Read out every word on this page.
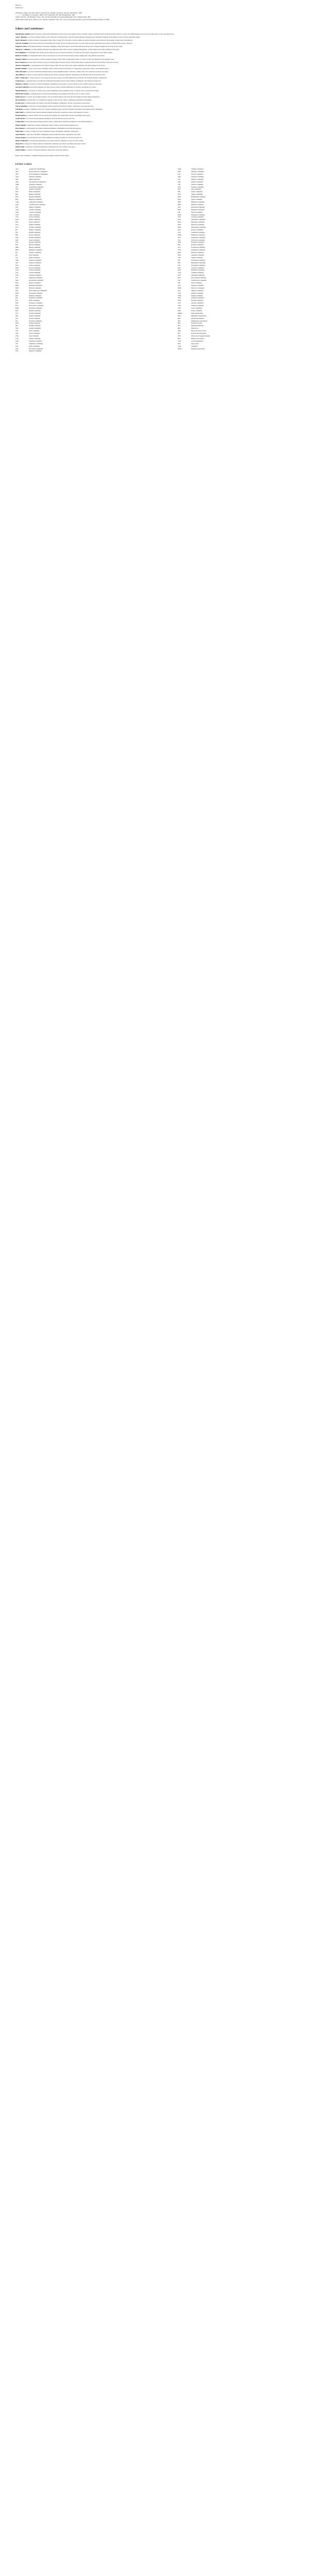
Page 517
References
Whittington, Arthur. Ohio Nine, History of That Great, Unhappy Community. Chicago: Merrill Press, 1980.
————. The History of Clevelansa, 1866 to 1927. Ashbourne, NS: Ohio Heritage Press, 1961.
Ziebler, David K., and Elizabeth J. Bone. Ohio. The Encyclopedia of Clevelansa Biographies. NS: Commonwealth, 1993.
Zhuser, Ruth, and H. Rosse. Ethnics on the "Northern Tentative" Lake. 1971. www.css.org/cpg/state/ethnics_state-fold.cfm (rendered January 20, 2003).
Editors and Contributors

Ellen Hatcher Ashman chairs the advisory council and the Manchester Art Association, has taught art history and ethnic studies at Ashbourne State University and has worked as a curator and exhibit designer across the Great Lakes region for more than thirty years.

Anne C. Beaulieu is a doctoral candidate in history at the University of Northern Ohio, where she studies immigrant settlement and community institutions in the lakeshore towns of the late nineteenth century.

Paul G. Brennan is professor emeritus of geography at Ohio Valley College. He is the author of several studies on regional settlement and the historical development of small cities in the Midwest.

Clara M. Castellano is an archivist with the Clevelansa Historical Society and has catalogued the papers of several ethnic fraternal organizations and parish records held in the society's collection.

Douglas R. Chen teaches American history at Lakeside Community College. His research concerns labor history and the growth of industrial neighborhoods along the river valley.

Margaret L. Cullinane is a former reference librarian at the Ashbourne Public Library and has compiled bibliographies on Irish, Welsh, and Scottish settlement in the region.

Ernst Dahlgren is a retired high school teacher and local historian who has written extensively on Swedish and Norwegian congregations in the northern counties.

Helena D. Dvořák is an independent scholar whose work focuses on Czech and Slovak fraternal societies, singing clubs, and gymnastic associations.

Samuel T. Ellison is associate professor of African American studies at Ohio Valley College and the author of a history of the Great Migration in the lakeshore cities.

Rosa I. Esparza directs the Latino oral history project at Northern Ohio University and has collected more than two hundred interviews with residents of the near west side.

Thomas F. Fitzgerald is a parish historian and former newspaper editor who has written about Catholic institutions and ethnic parishes in the diocese.

Hannah Goldfarb is curator of the Jewish community archives and has written on the history of congregations, benevolent societies, and settlement houses.

Viktor Hrycenko is a scholar of Ukrainian and Rusyn history and has published studies of churches, reading rooms, and cooperative societies in the region.

Aiko Ishikawa is professor of Asian American studies and has written on Japanese American resettlement in the Midwest after the Second World War.

Peter J. Jankowski is a retired professor of sociology whose research centers on Polish neighborhoods, parish life, and fraternal insurance organizations.

Lydia Kovacs is a museum educator and historian of Hungarian settlement and has curated exhibits on immigrant craft traditions and folk arts.

Michael A. Laurent is a historian of French and Belgian communities and the author of several articles on early Catholic missions in the region.

Giovanna Lombardi teaches Italian language and culture and has written on Italian neighborhoods, festivals, and mutual aid societies.

Nikolai Markovic is a researcher of Serbian and Croatian communities and has published works on churches, halls, and benevolent lodges.

Deirdre McCormack is a genealogist and local historian specializing in Irish emigration and the records of county societies.

Fatima Nassar is a scholar of Arab American history who has studied Lebanese and Syrian merchant families and their religious institutions.

Ola Nordstrom is a former editor of a Scandinavian-language weekly and has written on immigrant journalism and publishing.

Kwame Osei is an anthropologist who studies recent African immigrant communities, churches, and hometown associations.

Stavros Papadakis is a historian of Greek settlement and has written about Orthodox parishes, coffeehouses, and restaurant trades.

Linh Pham coordinates community outreach at a refugee resettlement agency and has documented Vietnamese and Southeast Asian communities.

Ingrid Quist is a folklorist whose research addresses Finnish and Estonian cooperatives, saunas, and temperance societies.

Dorothy Ramsey is a retired archivist who has written about English and Cornish miners and their descendants in the region.

Jan Rostowski is an art historian specializing in immigrant church architecture and decorative arts.

Carmen Ruiz teaches Latin American history and has written on Puerto Rican and Mexican migration to the industrial Midwest.

Walter Schmidt is a historian of German communities, Turner societies, and the German-language press.

Priya Sharma is a demographer who studies South Asian immigrant communities and professional migration.

Yusuf Tahir is a scholar of religion who has documented mosques and Muslim community organizations.

Anna Ulmanis is a historian of the Baltic communities and their displaced persons' organizations after 1945.

George Vasquez is an urban historian who studies neighborhood change and ethnic succession in the inner city.

Rebecca Whitcomb is a librarian and bibliographer who assisted with the compilation of sources for this volume.

Zhang Wei is a historian of Chinese American communities, Chinatown associations, and family benevolent societies.

Miriam Yoder is a historian of Amish and Mennonite settlements in the rural counties of the region.

Stefan Zelenko is a scholar of Slovenian settlement, cultural halls, and choral traditions.

Editors and Contributors, continued from the previous edition, revised for this volume.
ENTRY CODES
ACA	Acadian and Cajun Heritage
AFA	African American Communities
AFR	African Immigrant Communities
ALB	Albanian Community
AMI	Amish Settlements
ARA	Arab American Communities
ARM	Armenian Community
ASI	Asian Indian Community
AUS	Austrian Community
BAL	Baltic Communities
BEL	Belgian Community
BOS	Bosnian Community
BUL	Bulgarian Community
CAM	Cambodian Community
CAR	Carpatho-Rusyn Community
CHI	Chinese Community
COR	Cornish Community
CRO	Croatian Community
CUB	Cuban Community
CZE	Czech Community
DAN	Danish Community
DUT	Dutch Community
ENG	English Community
EST	Estonian Community
FIL	Filipino Community
FIN	Finnish Community
FRE	French Community
GER	German Community
GRE	Greek Community
GYP	Romani Community
HAI	Haitian Community
HMO	Hmong Community
HUN	Hungarian Community
ICE	Icelandic Community
IRI	Irish Community
ITA	Italian Community
JAM	Jamaican Community
JAP	Japanese Community
JEW	Jewish Community
KOR	Korean Community
LAO	Laotian Community
LAT	Latvian Community
LEB	Lebanese Community
LIT	Lithuanian Community
MAC	Macedonian Community
MAL	Maltese Community
MEN	Mennonite Settlements
MEX	Mexican Community
NAT	Native American Communities
NOR	Norwegian Community
PAK	Pakistani Community
PAL	Palestinian Community
POL	Polish Community
POR	Portuguese Community
PUE	Puerto Rican Community
ROM	Romanian Community
RUS	Russian Community
SCO	Scottish Community
SER	Serbian Community
SLK	Slovak Community
SLV	Slovenian Community
SOM	Somali Community
SPA	Spanish Community
SWE	Swedish Community
SWI	Swiss Community
SYR	Syrian Community
THA	Thai Community
TUR	Turkish Community
UKR	Ukrainian Community
VIE	Vietnamese Community
WEL	Welsh Community
WIN	West Indian Community
YUG	Yugoslav Community
ZAM	Zambian Community
ETH	Ethiopian Community
ERI	Eritrean Community
GHA	Ghanaian Community
NIG	Nigerian Community
KEN	Kenyan Community
LIB	Liberian Community
SUD	Sudanese Community
IRQ	Iraqi Community
IRN	Iranian Community
AFG	Afghan Community
BAN	Bangladeshi Community
NEP	Nepali Community
BHU	Bhutanese Community
BUR	Burmese Community
IND	Indonesian Community
MAY	Malaysian Community
TIB	Tibetan Community
MON	Mongolian Community
GEO	Georgian Community
AZE	Azerbaijani Community
BEL2	Belarusian Community
MOL	Moldovan Community
MNT	Montenegrin Community
KOS	Kosovar Community
COL	Colombian Community
DOM	Dominican Community
GUA	Guatemalan Community
SAL	Salvadoran Community
HON	Honduran Community
PER	Peruvian Community
ECU	Ecuadorian Community
VEN	Venezuelan Community
BRA	Brazilian Community
ARG	Argentine Community
CHL	Chilean Community
NIC	Nicaraguan Community
PAN	Panamanian Community
TRI	Trinidadian Community
GUY	Guyanese Community
BAR	Barbadian Community
CAN	Canadian Community
AUT	Australian Community
NZL	New Zealand Community
SAF	South African Community
ISR	Israeli Community
EGY	Egyptian Community
MOR	Moroccan Community
ALG	Algerian Community
TUN	Tunisian Community
YEM	Yemeni Community
JOR	Jordanian Community
KUR	Kurdish Community
ASY	Assyrian Community
CHA	Chaldean Community
COP	Coptic Community
DRU	Druze Community
ROMA	Roma Organizations
MUL	Multiethnic Organizations
REF	Refugee Resettlement
NEI	Neighborhood Associations
FRA	Fraternal Societies
REL	Religious Institutions
PRE	Ethnic Press
MUS	Music and Choral Groups
FES	Festivals and Celebrations
SCH	Schools and Language Programs
BUS	Business Associations
LAB	Labor Organizations
SPO	Sports Clubs
CEM	Cemeteries
MUS2	Museums and Archives
